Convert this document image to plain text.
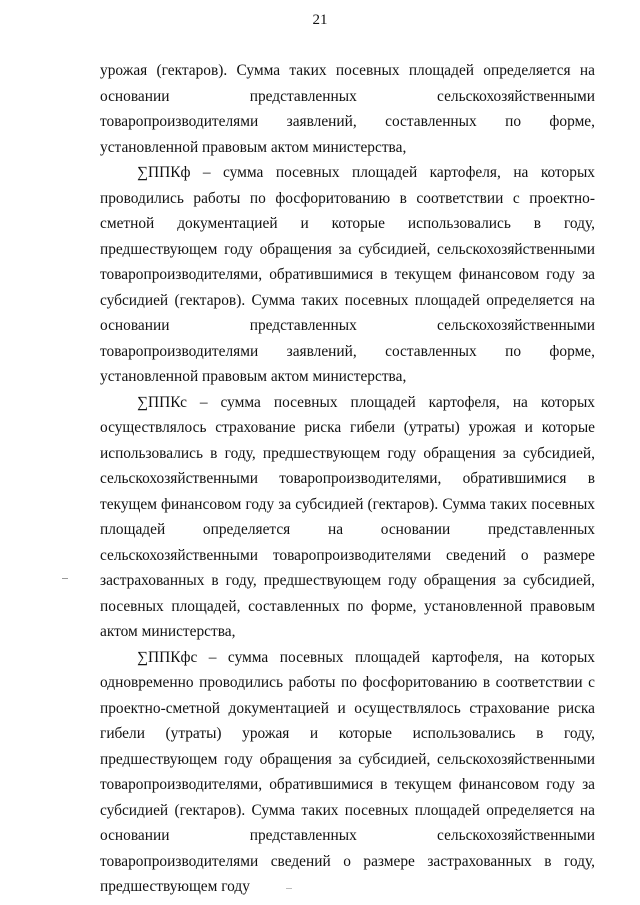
21

урожая (гектаров). Сумма таких посевных площадей определяется на основании представленных сельскохозяйственными товаропроизводителями заявлений, составленных по форме, установленной правовым актом министерства,

∑ППКф – сумма посевных площадей картофеля, на которых проводились работы по фосфоритованию в соответствии с проектно-сметной документацией и которые использовались в году, предшествующем году обращения за субсидией, сельскохозяйственными товаропроизводителями, обратившимися в текущем финансовом году за субсидией (гектаров). Сумма таких посевных площадей определяется на основании представленных сельскохозяйственными товаропроизводителями заявлений, составленных по форме, установленной правовым актом министерства,

∑ППКс – сумма посевных площадей картофеля, на которых осуществлялось страхование риска гибели (утраты) урожая и которые использовались в году, предшествующем году обращения за субсидией, сельскохозяйственными товаропроизводителями, обратившимися в текущем финансовом году за субсидией (гектаров). Сумма таких посевных площадей определяется на основании представленных сельскохозяйственными товаропроизводителями сведений о размере застрахованных в году, предшествующем году обращения за субсидией, посевных площадей, составленных по форме, установленной правовым актом министерства,

∑ППКфс – сумма посевных площадей картофеля, на которых одновременно проводились работы по фосфоритованию в соответствии с проектно-сметной документацией и осуществлялось страхование риска гибели (утраты) урожая и которые использовались в году, предшествующем году обращения за субсидией, сельскохозяйственными товаропроизводителями, обратившимися в текущем финансовом году за субсидией (гектаров). Сумма таких посевных площадей определяется на основании представленных сельскохозяйственными товаропроизводителями сведений о размере застрахованных в году, предшествующем году
